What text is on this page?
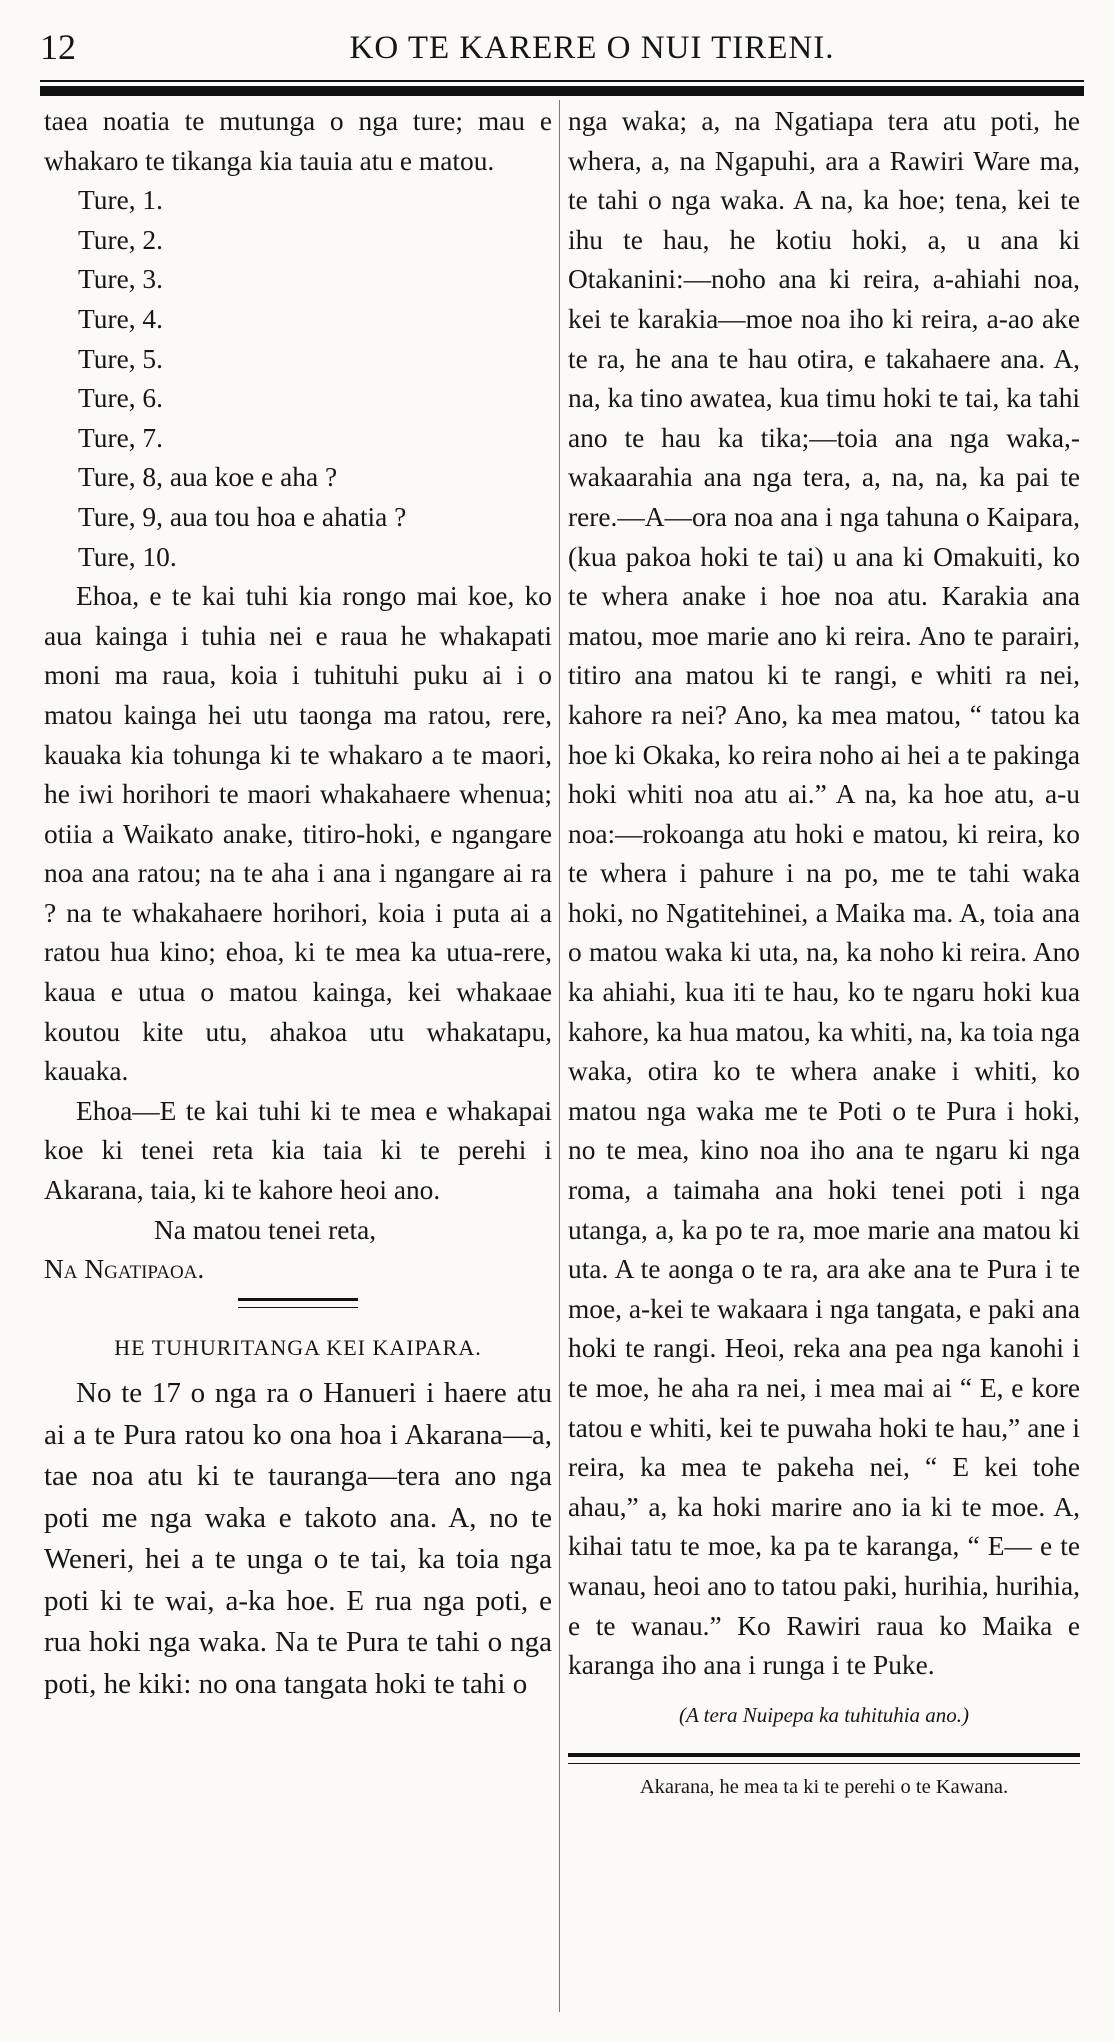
12	KO TE KARERE O NUI TIRENI.

taea noatia te mutunga o nga ture; mau e whakaro te tikanga kia tauia atu e matou.

Ture, 1.
Ture, 2.
Ture, 3.
Ture, 4.
Ture, 5.
Ture, 6.
Ture, 7.
Ture, 8, aua koe e aha ?
Ture, 9, aua tou hoa e ahatia ?
Ture, 10.

Ehoa, e te kai tuhi kia rongo mai koe, ko aua kainga i tuhia nei e raua he whakapati moni ma raua, koia i tuhituhi puku ai i o matou kainga hei utu taonga ma ratou, rere, kauaka kia tohunga ki te whakaro a te maori, he iwi horihori te maori whakahaere whenua; otiia a Waikato anake, titiro-hoki, e ngangare noa ana ratou; na te aha i ana i ngangare ai ra ? na te whakahaere horihori, koia i puta ai a ratou hua kino; ehoa, ki te mea ka utua-rere, kaua e utua o matou kainga, kei whakaae koutou kite utu, ahakoa utu whakatapu, kauaka.

Ehoa—E te kai tuhi ki te mea e whakapai koe ki tenei reta kia taia ki te perehi i Akarana, taia, ki te kahore heoi ano.

Na matou tenei reta,

Na Ngatipaoa.

HE TUHURITANGA KEI KAIPARA.

No te 17 o nga ra o Hanueri i haere atu ai a te Pura ratou ko ona hoa i Akarana—a, tae noa atu ki te tauranga—tera ano nga poti me nga waka e takoto ana. A, no te Weneri, hei a te unga o te tai, ka toia nga poti ki te wai, a-ka hoe. E rua nga poti, e rua hoki nga waka. Na te Pura te tahi o nga poti, he kiki: no ona tangata hoki te tahi o

nga waka; a, na Ngatiapa tera atu poti, he whera, a, na Ngapuhi, ara a Rawiri Ware ma, te tahi o nga waka. A na, ka hoe; tena, kei te ihu te hau, he kotiu hoki, a, u ana ki Otakanini:—noho ana ki reira, a-ahiahi noa, kei te karakia—moe noa iho ki reira, a-ao ake te ra, he ana te hau otira, e takahaere ana. A, na, ka tino awatea, kua timu hoki te tai, ka tahi ano te hau ka tika;—toia ana nga waka,-wakaarahia ana nga tera, a, na, na, ka pai te rere.—A—ora noa ana i nga tahuna o Kaipara, (kua pakoa hoki te tai) u ana ki Omakuiti, ko te whera anake i hoe noa atu. Karakia ana matou, moe marie ano ki reira. Ano te parairi, titiro ana matou ki te rangi, e whiti ra nei, kahore ra nei? Ano, ka mea matou, “ tatou ka hoe ki Okaka, ko reira noho ai hei a te pakinga hoki whiti noa atu ai.” A na, ka hoe atu, a-u noa:—rokoanga atu hoki e matou, ki reira, ko te whera i pahure i na po, me te tahi waka hoki, no Ngatitehinei, a Maika ma. A, toia ana o matou waka ki uta, na, ka noho ki reira. Ano ka ahiahi, kua iti te hau, ko te ngaru hoki kua kahore, ka hua matou, ka whiti, na, ka toia nga waka, otira ko te whera anake i whiti, ko matou nga waka me te Poti o te Pura i hoki, no te mea, kino noa iho ana te ngaru ki nga roma, a taimaha ana hoki tenei poti i nga utanga, a, ka po te ra, moe marie ana matou ki uta. A te aonga o te ra, ara ake ana te Pura i te moe, a-kei te wakaara i nga tangata, e paki ana hoki te rangi. Heoi, reka ana pea nga kanohi i te moe, he aha ra nei, i mea mai ai “ E, e kore tatou e whiti, kei te puwaha hoki te hau,” ane i reira, ka mea te pakeha nei, “ E kei tohe ahau,” a, ka hoki marire ano ia ki te moe. A, kihai tatu te moe, ka pa te karanga, “ E— e te wanau, heoi ano to tatou paki, hurihia, hurihia, e te wanau.” Ko Rawiri raua ko Maika e karanga iho ana i runga i te Puke.

(A tera Nuipepa ka tuhituhia ano.)
Akarana, he mea ta ki te perehi o te Kawana.
